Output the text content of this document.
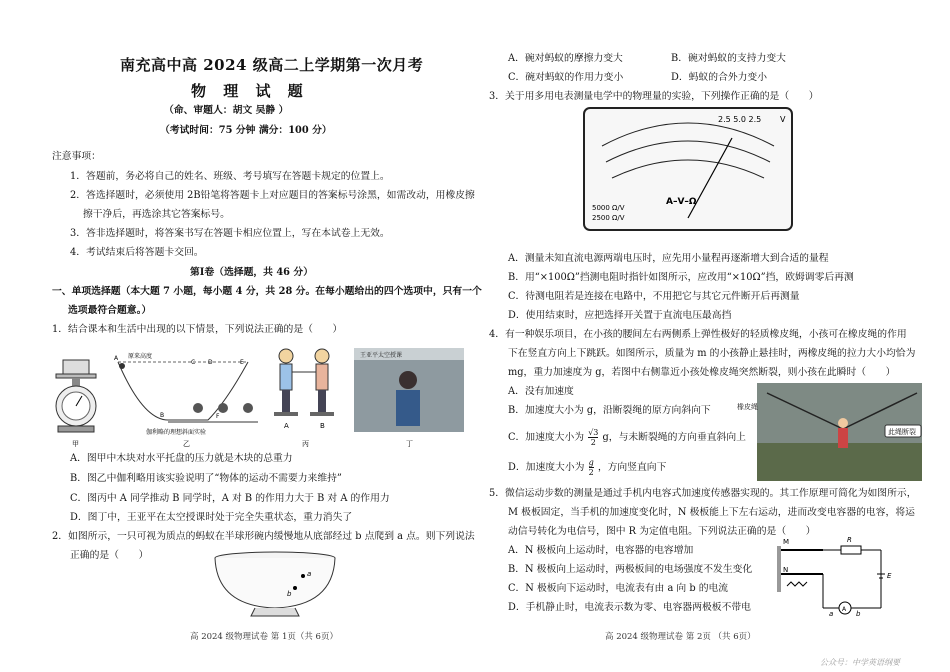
南充高中高 2024 级高二上学期第一次月考
物 理 试 题
（命、审题人：胡文 吴静 ）
（考试时间：75 分钟 满分：100 分）
注意事项：
1．答题前，务必将自己的姓名、班级、考号填写在答题卡规定的位置上。
2．答选择题时，必须使用 2B铅笔将答题卡上对应题目的答案标号涂黑，如需改动，用橡皮擦
擦干净后，再选涂其它答案标号。
3．答非选择题时，将答案书写在答题卡相应位置上，写在本试卷上无效。
4．考试结束后将答题卡交回。
第Ⅰ卷（选择题，共 46 分）
一、单项选择题（本大题 7 小题，每小题 4 分，共 28 分。在每小题给出的四个选项中，只有一个
选项最符合题意。）
1．结合课本和生活中出现的以下情景，下列说法正确的是（　　）
A 原来高度
C D	E
B	F
伽利略的理想斜面实验
A	B
王亚平太空授课
甲	乙	丙	丁
A．图甲中木块对水平托盘的压力就是木块的总重力
B．图乙中伽利略用该实验说明了“物体的运动不需要力来维持”
C．图丙中 A 同学推动 B 同学时，A 对 B 的作用力大于 B 对 A 的作用力
D．图丁中，王亚平在太空授课时处于完全失重状态，重力消失了
2．如图所示，一只可视为质点的蚂蚁在半球形碗内缓慢地从底部经过 b 点爬到 a 点。则下列说法
正确的是（　　）
a
b
高 2024 级物理试卷 第 1页（共 6页）
A．碗对蚂蚁的摩擦力变大	B．碗对蚂蚁的支持力变大
C．碗对蚂蚁的作用力变小	D．蚂蚁的合外力变小
3．关于用多用电表测量电学中的物理量的实验，下列操作正确的是（　　）
2.5 5.0 2.5 V
A–V–Ω
5000 Ω/V
2500 Ω/V
A．测量未知直流电源两端电压时，应先用小量程再逐渐增大到合适的量程
B．用“×100Ω”挡测电阻时指针如图所示，应改用“×10Ω”挡，欧姆调零后再测
C．待测电阻若是连接在电路中，不用把它与其它元件断开后再测量
D．使用结束时，应把选择开关置于直流电压最高挡
4．有一种娱乐项目，在小孩的腰间左右两侧系上弹性极好的轻质橡皮绳，小孩可在橡皮绳的作用
下在竖直方向上下跳跃。如图所示，质量为 m 的小孩静止悬挂时，两橡皮绳的拉力大小均恰为
mg，重力加速度为 g，若图中右侧靠近小孩处橡皮绳突然断裂，则小孩在此瞬时（　　）
A．没有加速度
B．加速度大小为 g，沿断裂绳的原方向斜向下
C．加速度大小为 $\frac{√3}{2}$ g，与未断裂绳的方向垂直斜向上
D．加速度大小为 $\frac{g}{2}$ ，方向竖直向下
橡皮绳
此绳断裂
5．微信运动步数的测量是通过手机内电容式加速度传感器实现的。其工作原理可简化为如图所示，
M 极板固定，当手机的加速度变化时，N 极板能上下左右运动，进而改变电容器的电容，将运
动信号转化为电信号，图中 R 为定值电阻。下列说法正确的是（　　）
A．N 极板向上运动时，电容器的电容增加
B．N 极板向上运动时，两极板间的电场强度不发生变化
C．N 极板向下运动时，电流表有由 a 向 b 的电流
D．手机静止时，电流表示数为零、电容器两极板不带电
M
N
R
E
a	b
A
高 2024 级物理试卷 第 2页 （共 6页）
公众号：中学英语纲要
